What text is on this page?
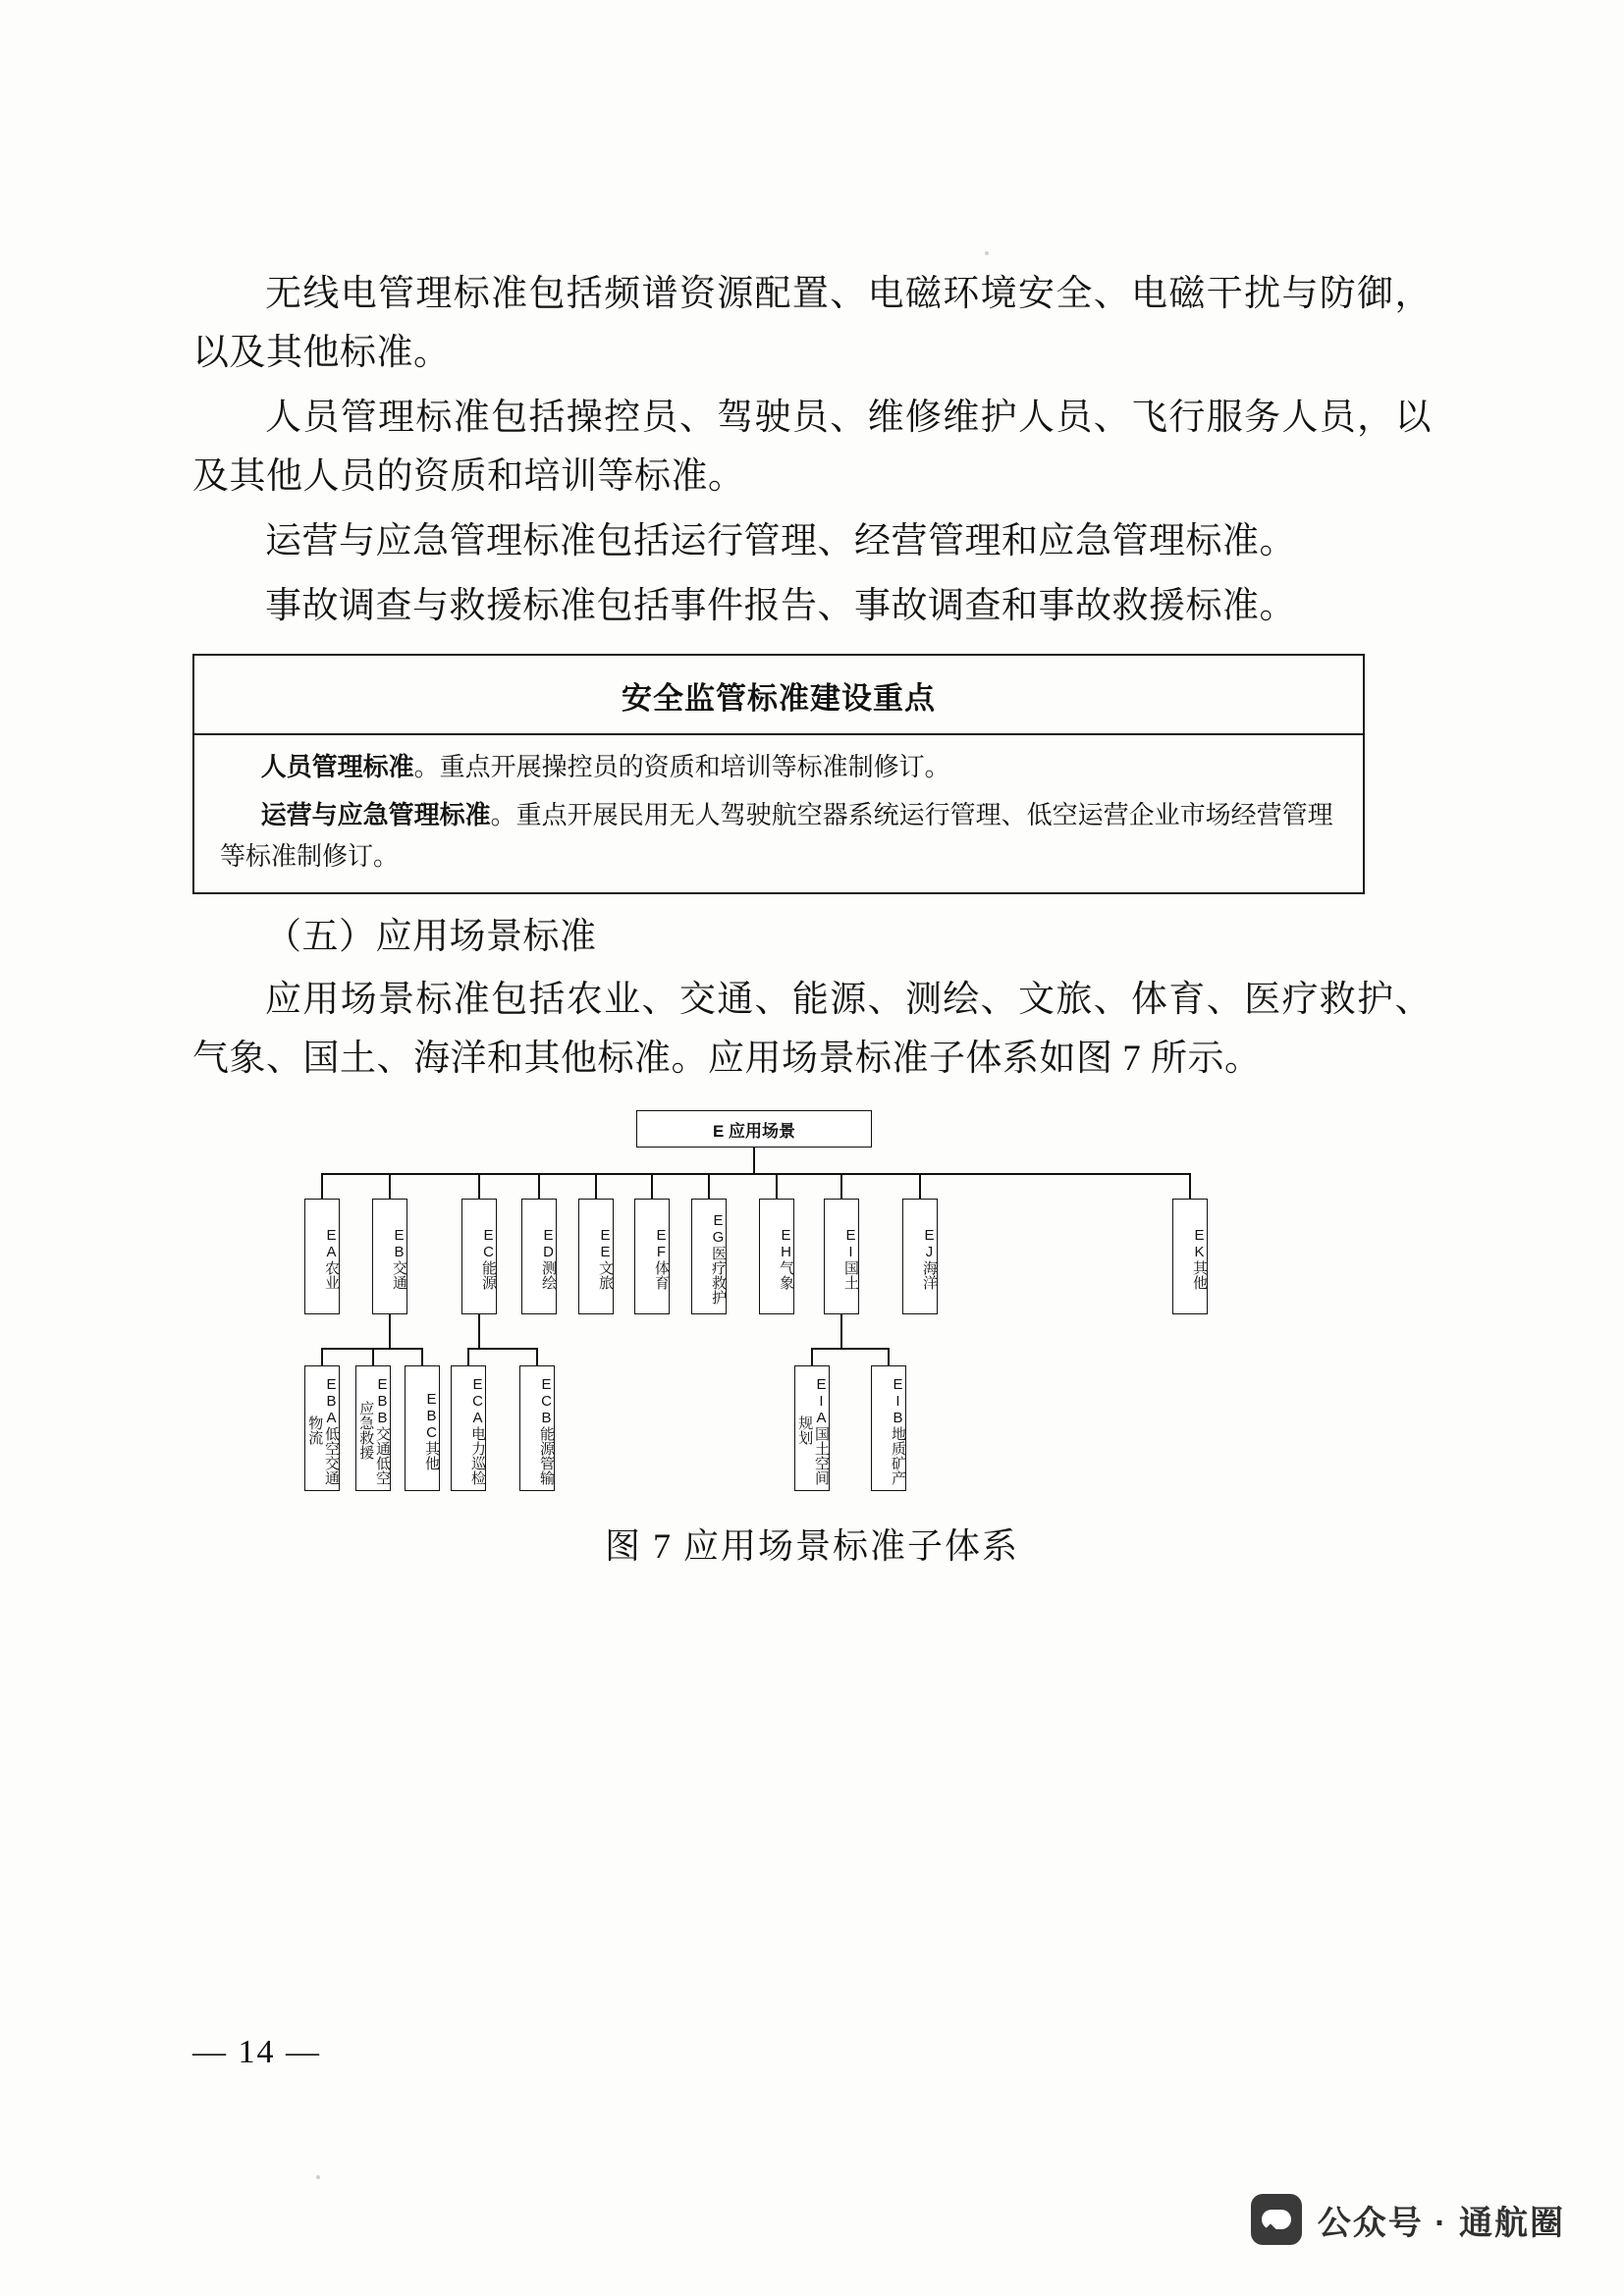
无线电管理标准包括频谱资源配置、电磁环境安全、电磁干扰与防御，以及其他标准。

人员管理标准包括操控员、驾驶员、维修维护人员、飞行服务人员，以及其他人员的资质和培训等标准。

运营与应急管理标准包括运行管理、经营管理和应急管理标准。

事故调查与救援标准包括事件报告、事故调查和事故救援标准。

安全监管标准建设重点

人员管理标准。重点开展操控员的资质和培训等标准制修订。

运营与应急管理标准。重点开展民用无人驾驶航空器系统运行管理、低空运营企业市场经营管理等标准制修订。

（五）应用场景标准

应用场景标准包括农业、交通、能源、测绘、文旅、体育、医疗救护、气象、国土、海洋和其他标准。应用场景标准子体系如图 7 所示。

E 应用场景
EA农业	EB交通	EC能源	ED测绘	EE文旅	EF体育	EG医疗救护	EH气象	EI国土	EJ海洋	EK其他
EBA低空交通物流	EBB交通低空应急救援	EBC其他	ECA电力巡检	ECB能源管输	EIA国土空间规划	EIB地质矿产
图 7 应用场景标准子体系
— 14 —
公众号 · 通航圈
